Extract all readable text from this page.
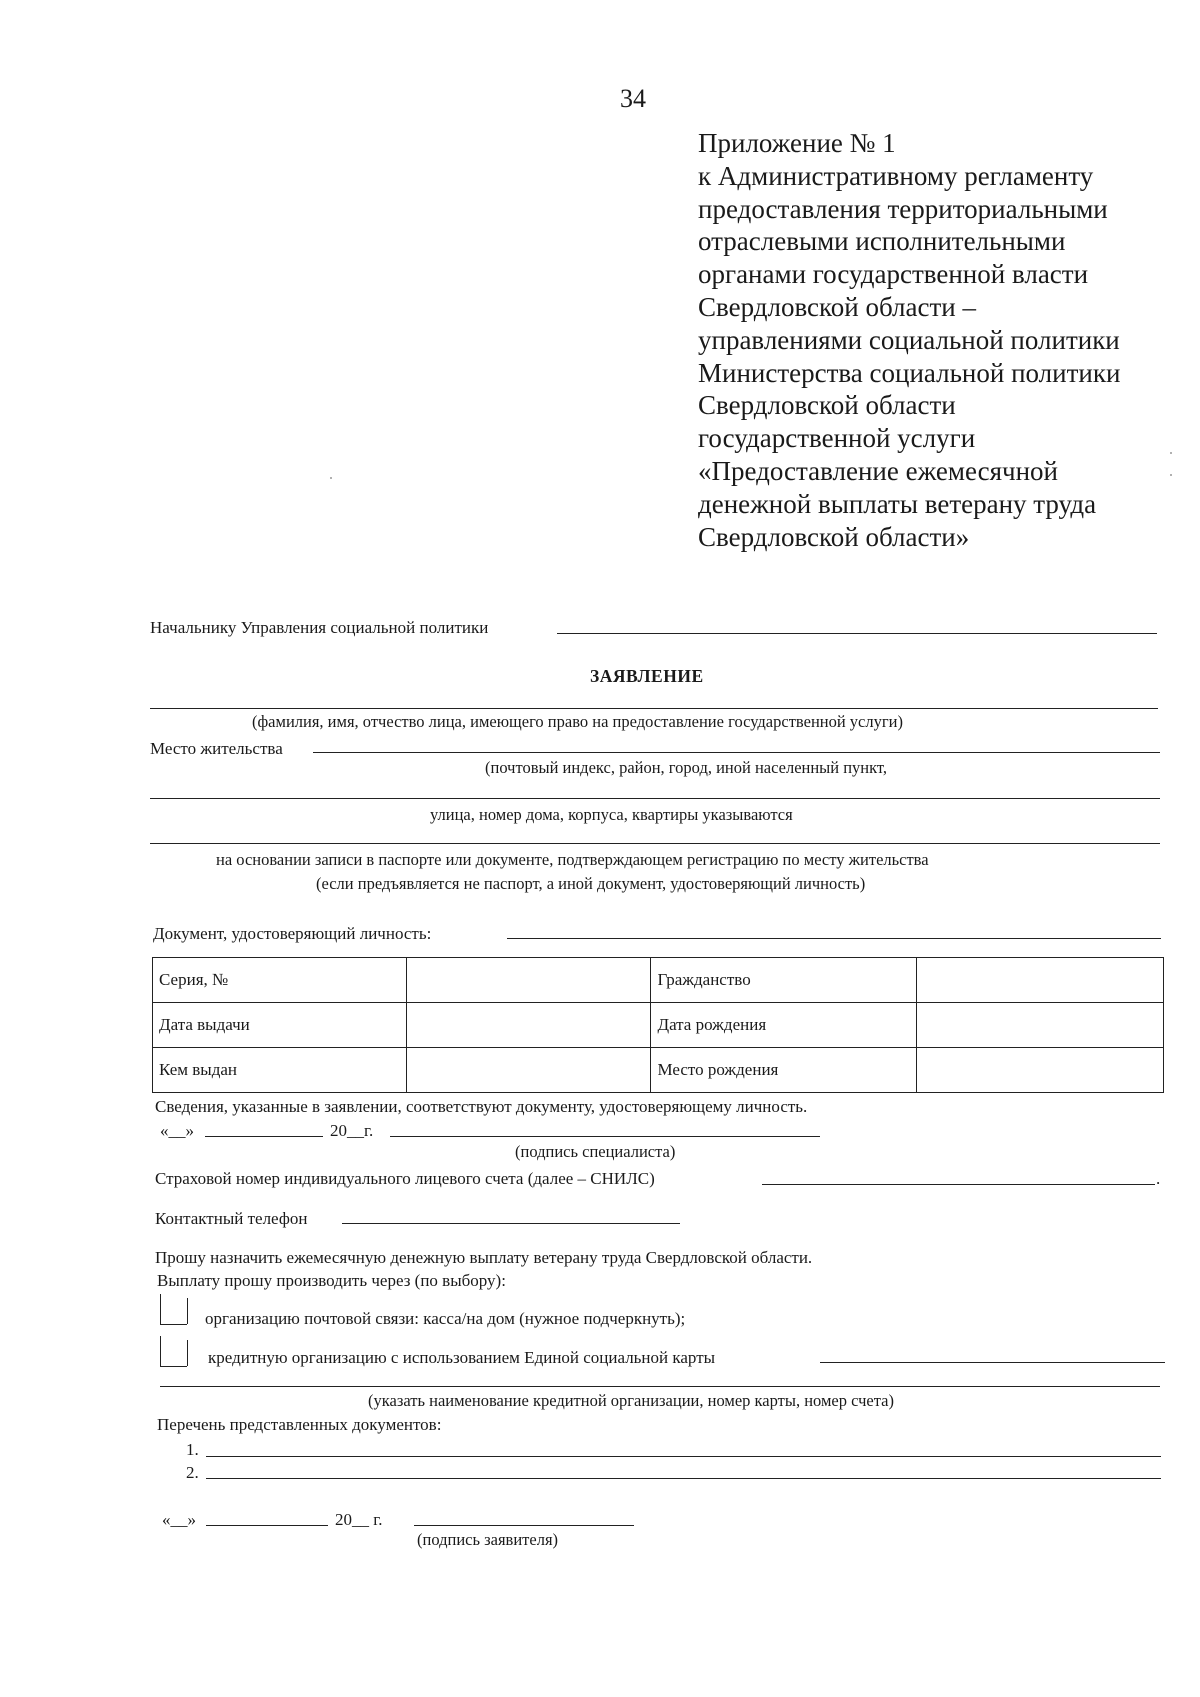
34
Приложение № 1
к Административному регламенту
предоставления территориальными
отраслевыми исполнительными
органами государственной власти
Свердловской области –
управлениями социальной политики
Министерства социальной политики
Свердловской области
государственной услуги
«Предоставление ежемесячной
денежной выплаты ветерану труда
Свердловской области»
Начальнику Управления социальной политики
ЗАЯВЛЕНИЕ
(фамилия, имя, отчество лица, имеющего право на предоставление государственной услуги)
Место жительства
(почтовый индекс, район, город, иной населенный пункт,
улица, номер дома, корпуса, квартиры указываются
на основании записи в паспорте или документе, подтверждающем регистрацию по месту жительства
(если предъявляется не паспорт, а иной документ, удостоверяющий личность)
Документ, удостоверяющий личность:
Серия, №		Гражданство	
Дата выдачи		Дата рождения	
Кем выдан		Место рождения	
Сведения, указанные в заявлении, соответствуют документу, удостоверяющему личность.
«__»	20__г.
(подпись специалиста)
Страховой номер индивидуального лицевого счета (далее – СНИЛС)	.
Контактный телефон
Прошу назначить ежемесячную денежную выплату ветерану труда Свердловской области.
Выплату прошу производить через (по выбору):
организацию почтовой связи: касса/на дом (нужное подчеркнуть);
кредитную организацию с использованием Единой социальной карты
(указать наименование кредитной организации, номер карты, номер счета)
Перечень представленных документов:
1.
2.
«__»	20__ г.
(подпись заявителя)
